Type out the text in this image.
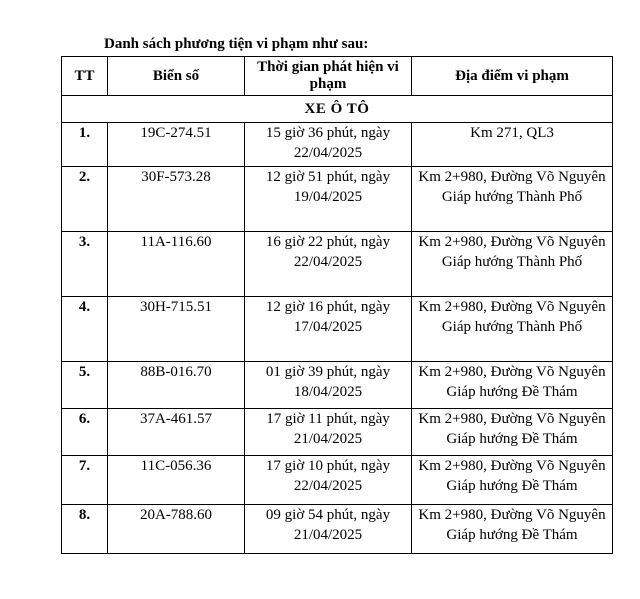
Danh sách phương tiện vi phạm như sau:
TT	Biển số	Thời gian phát hiện vi phạm	Địa điểm vi phạm
XE Ô TÔ			
1.	19C-274.51	15 giờ 36 phút, ngày 22/04/2025	Km 271, QL3
2.	30F-573.28	12 giờ 51 phút, ngày 19/04/2025	Km 2+980, Đường Võ Nguyên Giáp hướng Thành Phố
3.	11A-116.60	16 giờ 22 phút, ngày 22/04/2025	Km 2+980, Đường Võ Nguyên Giáp hướng Thành Phố
4.	30H-715.51	12 giờ 16 phút, ngày 17/04/2025	Km 2+980, Đường Võ Nguyên Giáp hướng Thành Phố
5.	88B-016.70	01 giờ 39 phút, ngày 18/04/2025	Km 2+980, Đường Võ Nguyên Giáp hướng Đề Thám
6.	37A-461.57	17 giờ 11 phút, ngày 21/04/2025	Km 2+980, Đường Võ Nguyên Giáp hướng Đề Thám
7.	11C-056.36	17 giờ 10 phút, ngày 22/04/2025	Km 2+980, Đường Võ Nguyên Giáp hướng Đề Thám
8.	20A-788.60	09 giờ 54 phút, ngày 21/04/2025	Km 2+980, Đường Võ Nguyên Giáp hướng Đề Thám
